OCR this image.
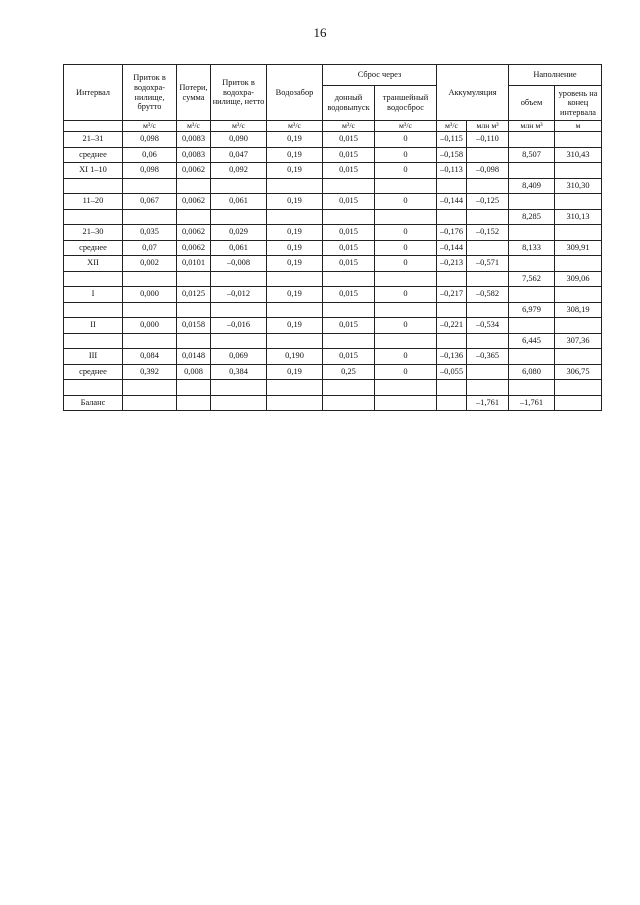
16
Интервал	Приток в водохра-нилище, брутто	Потери, сумма	Приток в водохра-нилище, нетто	Водозабор	Сброс через		Аккумуляция		Наполнение	
					донный водовыпуск	траншейный водосброс			объем	уровень на конец интервала
	м³/с	м³/с	м³/с	м³/с	м³/с	м³/с	м³/с	млн м³	млн м³	м
21–31	0,098	0,0083	0,090	0,19	0,015	0	–0,115	–0,110		
среднее	0,06	0,0083	0,047	0,19	0,015	0	–0,158		8,507	310,43
XI 1–10	0,098	0,0062	0,092	0,19	0,015	0	–0,113	–0,098		
									8,409	310,30
11–20	0,067	0,0062	0,061	0,19	0,015	0	–0,144	–0,125		
									8,285	310,13
21–30	0,035	0,0062	0,029	0,19	0,015	0	–0,176	–0,152		
среднее	0,07	0,0062	0,061	0,19	0,015	0	–0,144		8,133	309,91
XII	0,002	0,0101	–0,008	0,19	0,015	0	–0,213	–0,571		
									7,562	309,06
I	0,000	0,0125	–0,012	0,19	0,015	0	–0,217	–0,582		
									6,979	308,19
II	0,000	0,0158	–0,016	0,19	0,015	0	–0,221	–0,534		
									6,445	307,36
III	0,084	0,0148	0,069	0,190	0,015	0	–0,136	–0,365		
среднее	0,392	0,008	0,384	0,19	0,25	0	–0,055		6,080	306,75

Баланс								–1,761	–1,761	
